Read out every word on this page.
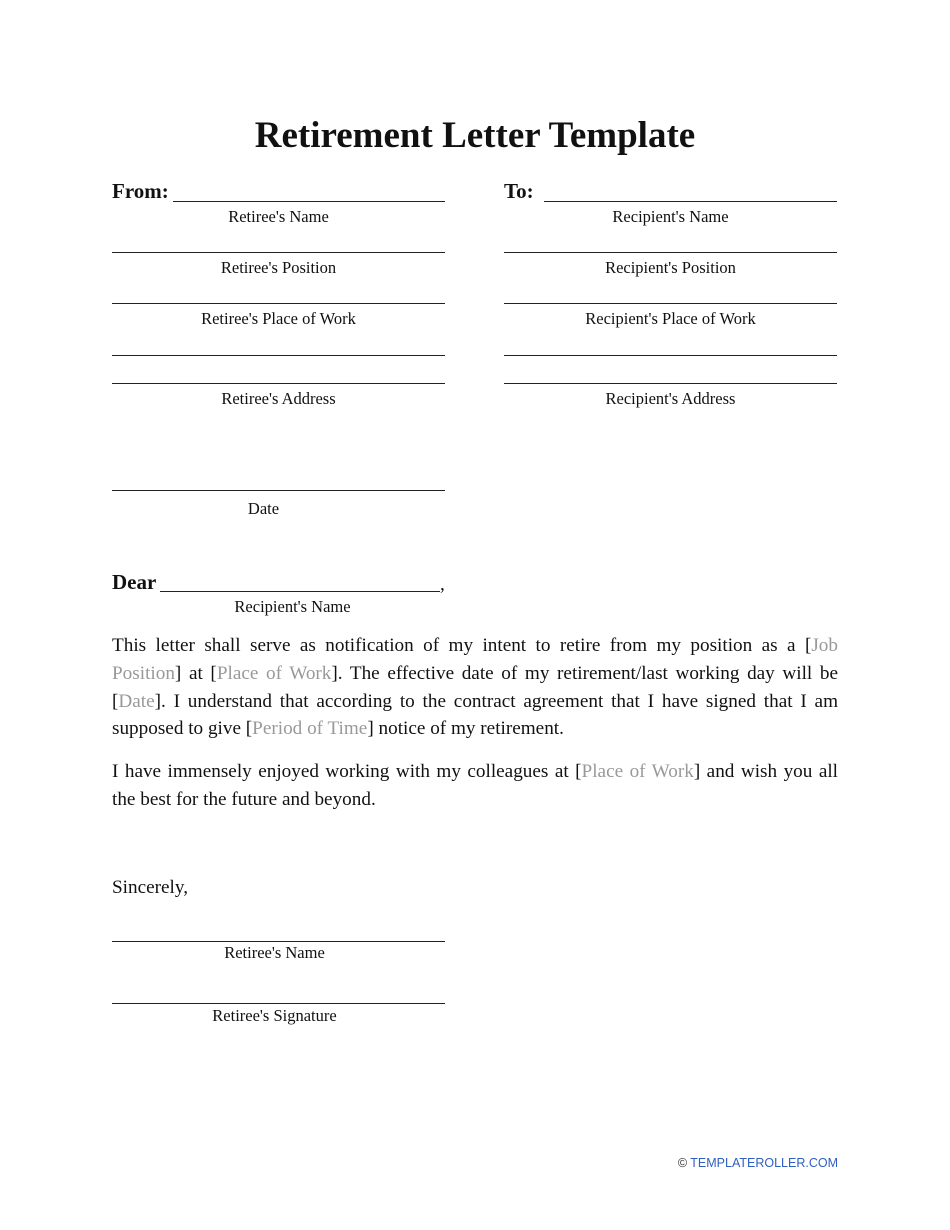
Retirement Letter Template
From:
Retiree's Name
Retiree's Position
Retiree's Place of Work
Retiree's Address
To:
Recipient's Name
Recipient's Position
Recipient's Place of Work
Recipient's Address
Date
Dear	,
Recipient's Name

This letter shall serve as notification of my intent to retire from my position as a [Job Position] at [Place of Work]. The effective date of my retirement/last working day will be [Date]. I understand that according to the contract agreement that I have signed that I am supposed to give [Period of Time] notice of my retirement.

I have immensely enjoyed working with my colleagues at [Place of Work] and wish you all the best for the future and beyond.

Sincerely,
Retiree's Name
Retiree's Signature
© TEMPLATEROLLER.COM
